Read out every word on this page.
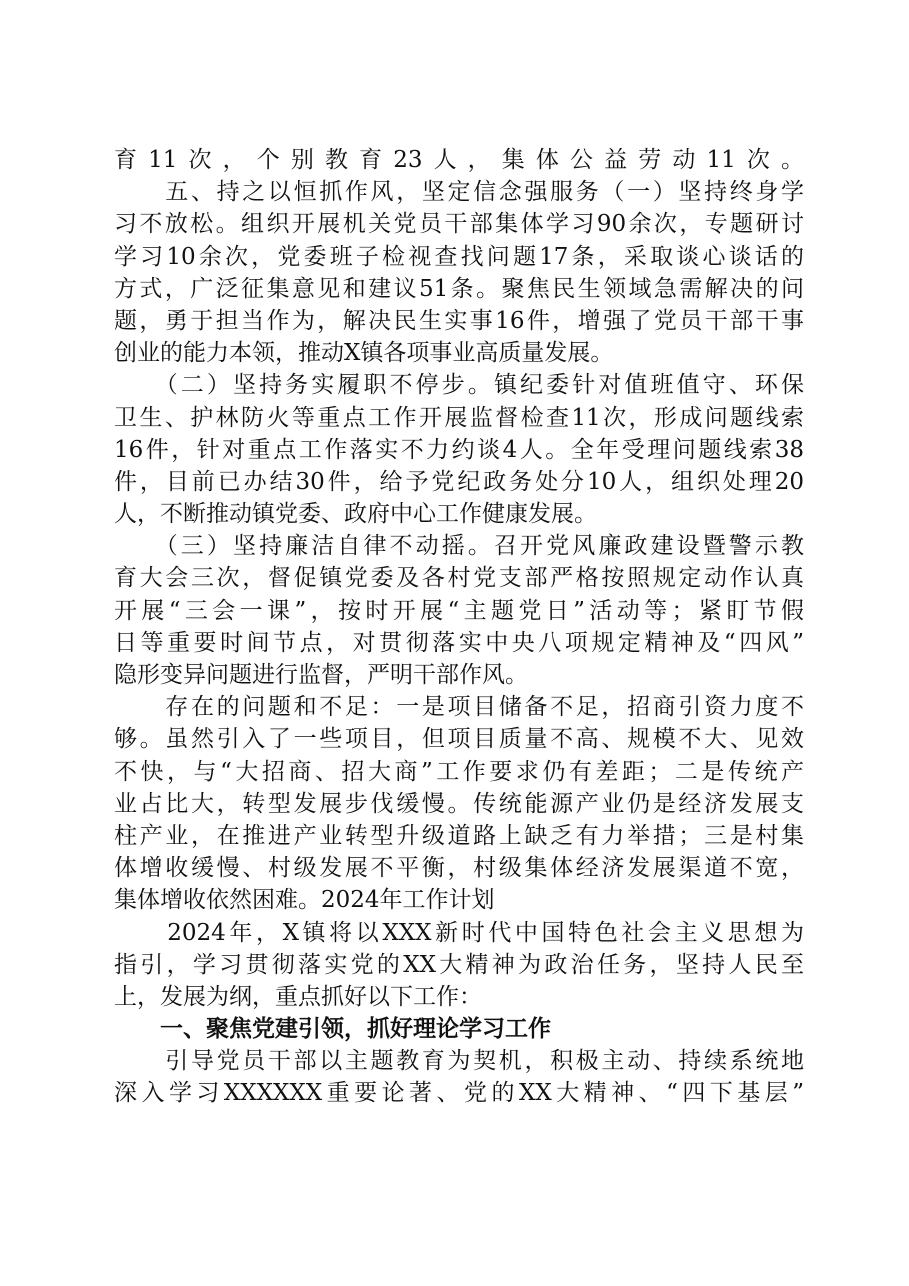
育11次，个别教育23人，集体公益劳动11次。
　　五、持之以恒抓作风，坚定信念强服务（一）坚持终身学
习不放松。组织开展机关党员干部集体学习90余次，专题研讨
学习10余次，党委班子检视查找问题17条，采取谈心谈话的
方式，广泛征集意见和建议51条。聚焦民生领域急需解决的问
题，勇于担当作为，解决民生实事16件，增强了党员干部干事
创业的能力本领，推动X镇各项事业高质量发展。
　　（二）坚持务实履职不停步。镇纪委针对值班值守、环保
卫生、护林防火等重点工作开展监督检查11次，形成问题线索
16件，针对重点工作落实不力约谈4人。全年受理问题线索38
件，目前已办结30件，给予党纪政务处分10人，组织处理20
人，不断推动镇党委、政府中心工作健康发展。
　　（三）坚持廉洁自律不动摇。召开党风廉政建设暨警示教
育大会三次，督促镇党委及各村党支部严格按照规定动作认真
开展“三会一课”，按时开展“主题党日”活动等；紧盯节假
日等重要时间节点，对贯彻落实中央八项规定精神及“四风”
隐形变异问题进行监督，严明干部作风。
　　存在的问题和不足：一是项目储备不足，招商引资力度不
够。虽然引入了一些项目，但项目质量不高、规模不大、见效
不快，与“大招商、招大商”工作要求仍有差距；二是传统产
业占比大，转型发展步伐缓慢。传统能源产业仍是经济发展支
柱产业，在推进产业转型升级道路上缺乏有力举措；三是村集
体增收缓慢、村级发展不平衡，村级集体经济发展渠道不宽，
集体增收依然困难。2024年工作计划
　　2024年，X镇将以XXX新时代中国特色社会主义思想为
指引，学习贯彻落实党的XX大精神为政治任务，坚持人民至
上，发展为纲，重点抓好以下工作：
　　一、聚焦党建引领，抓好理论学习工作
　　引导党员干部以主题教育为契机，积极主动、持续系统地
深入学习XXXXXX重要论著、党的XX大精神、“四下基层”
